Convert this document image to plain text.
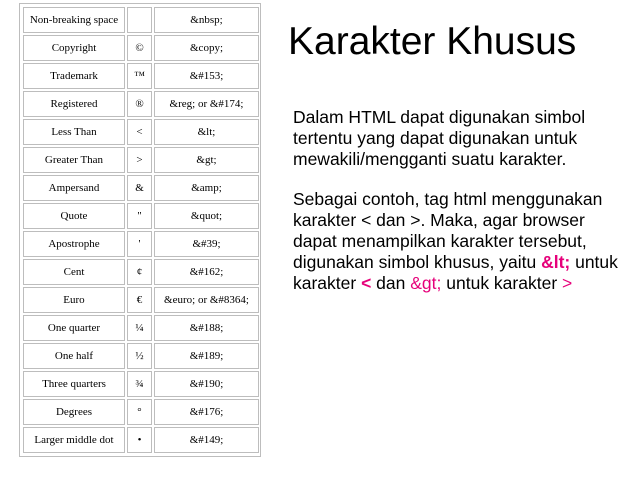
Non-breaking space		&nbsp;
Copyright	©	&copy;
Trademark	™	&#153;
Registered	®	&reg; or &#174;
Less Than	<	&lt;
Greater Than	>	&gt;
Ampersand	&	&amp;
Quote	"	&quot;
Apostrophe	'	&#39;
Cent	¢	&#162;
Euro	€	&euro; or &#8364;
One quarter	¼	&#188;
One half	½	&#189;
Three quarters	¾	&#190;
Degrees	°	&#176;
Larger middle dot	•	&#149;
Karakter Khusus

Dalam HTML dapat digunakan simbol tertentu yang dapat digunakan untuk mewakili/mengganti suatu karakter.

Sebagai contoh, tag html menggunakan karakter < dan >. Maka, agar browser dapat menampilkan karakter tersebut, digunakan simbol khusus, yaitu &lt; untuk karakter < dan &gt; untuk karakter >
